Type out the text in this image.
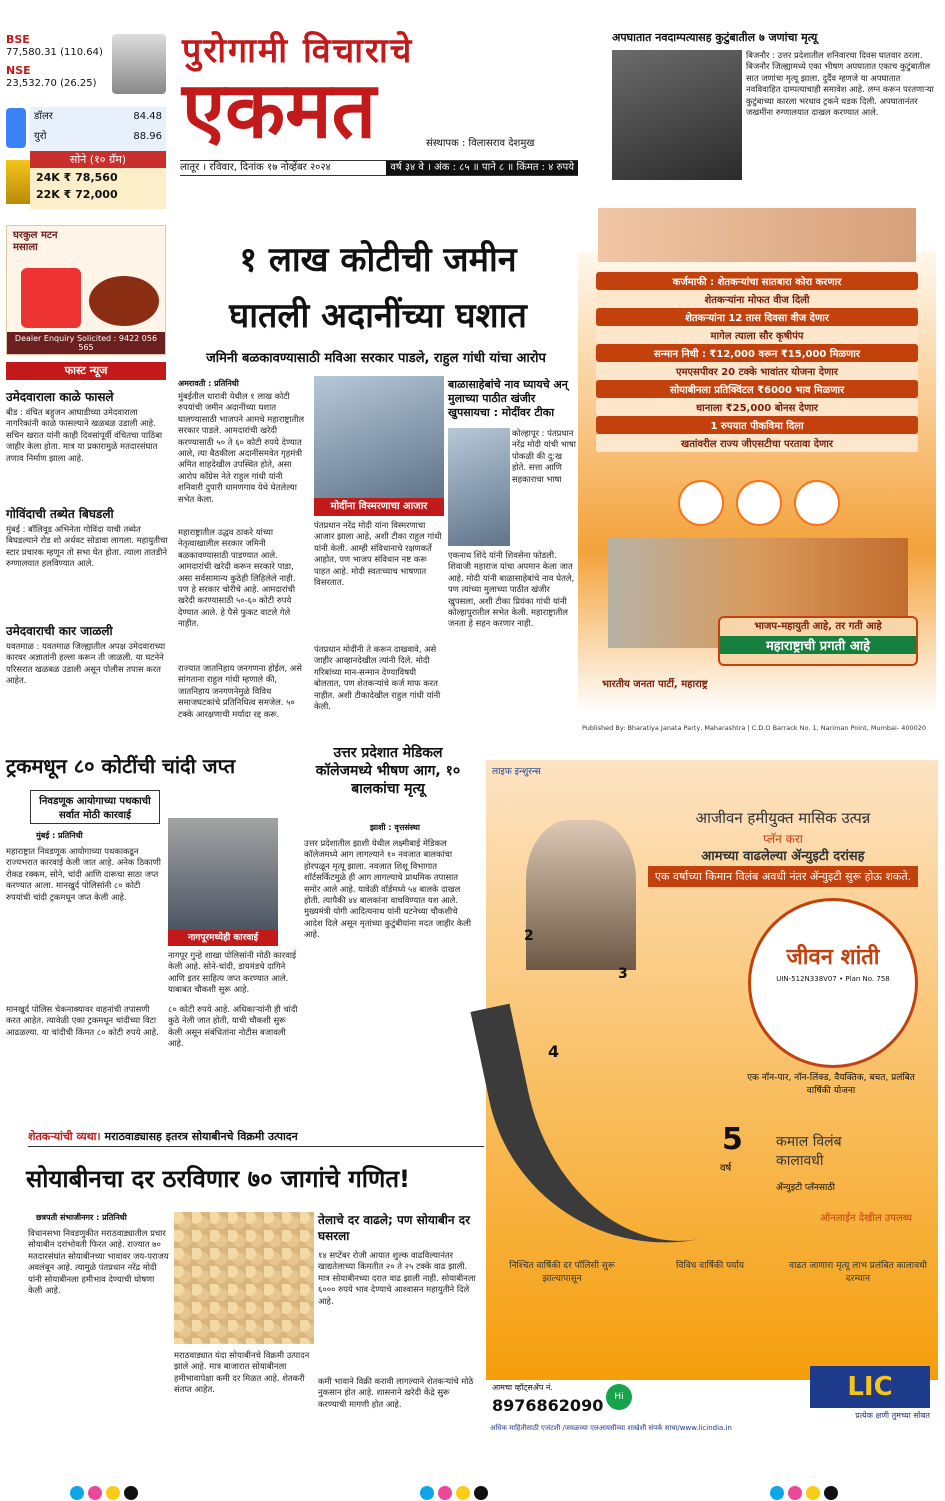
BSE
77,580.31 (110.64)
NSE
23,532.70 (26.25)
डॉलर	84.48
युरो	88.96
सोने (१० ग्रॅम)
24K ₹ 78,560
22K ₹ 72,000
घरकुल मटन मसाला
Dealer Enquiry Solicited : 9422 056 565
पुरोगामी विचाराचे
एकमत	संस्थापक : विलासराव देशमुख
लातूर । रविवार, दिनांक १७ नोव्हेंबर २०२४	वर्ष ३४ वे । अंक : ८५ ॥ पाने ८ ॥ किंमत : ४ रुपये
अपघातात नवदाम्पत्यासह कुटुंबातील ७ जणांचा मृत्यू
बिजनौर : उत्तर प्रदेशातील शनिवारचा दिवस घातवार ठरला. बिजनौर जिल्ह्यामध्ये एका भीषण अपघातात एकाच कुटुंबातील सात जणांचा मृत्यू झाला. दुर्दैव म्हणजे या अपघातात नवविवाहित दाम्पत्याचाही समावेश आहे. लग्न करून परतणाऱ्या कुटुंबाच्या कारला भरधाव ट्रकने धडक दिली. अपघातानंतर जखमींना रुग्णालयात दाखल करण्यात आले.
१ लाख कोटीची जमीन
घातली अदानींच्या घशात
जमिनी बळकावण्यासाठी मविआ सरकार पाडले, राहुल गांधी यांचा आरोप
अमरावती : प्रतिनिधी
मुंबईतील धारावी येथील १ लाख कोटी रुपयांची जमीन अदानींच्या घशात घालण्यासाठी भाजपने आमचे महाराष्ट्रातील सरकार पाडले. आमदारांची खरेदी करण्यासाठी ५० ते ६० कोटी रुपये देण्यात आले, त्या बैठकीला अदानींसमवेत गृहमंत्री अमित शाहदेखील उपस्थित होते, असा आरोप काँग्रेस नेते राहुल गांधी यांनी शनिवारी दुपारी धामणगाव येथे घेतलेल्या सभेत केला.
महाराष्ट्रातील उद्धव ठाकरे यांच्या नेतृत्वाखालील सरकार जमिनी बळकावण्यासाठी पाडण्यात आले. आमदारांची खरेदी करून सरकारे पाडा, असा सर्वसामान्य कुठेही लिहिलेले नाही. पण हे सरकार चोरीचे आहे. आमदारांची खरेदी करण्यासाठी ५०-६० कोटी रुपये देण्यात आले. हे पैसे फुकट वाटले गेले नाहीत.
राज्यात जातनिहाय जनगणना होईल, असे सांगताना राहुल गांधी म्हणाले की, जातनिहाय जनगणनेमुळे विविध समाजघटकांचे प्रतिनिधित्व समजेल. ५० टक्के आरक्षणाची मर्यादा रद्द करू.
मोदींना विस्मरणाचा आजार
पंतप्रधान नरेंद्र मोदी यांना विस्मरणाचा आजार झाला आहे, अशी टीका राहुल गांधी यांनी केली. आम्ही संविधानाचे रक्षणकर्ते आहोत, पण भाजप संविधान नष्ट करू पाहत आहे. मोदी स्वतःच्याच भाषणात विसरतात.
पंतप्रधान मोदींनी ते करून दाखवावे, असे जाहीर आव्हानदेखील त्यांनी दिले. मोदी गरिबांच्या मान-सन्मान देण्याविषयी बोलतात, पण शेतकऱ्यांचे कर्ज माफ करत नाहीत. अशी टीकादेखील राहुल गांधी यांनी केली.
बाळासाहेबांचे नाव घ्यायचे अन् मुलाच्या पाठीत खंजीर खुपसायचा : मोदींवर टीका
कोल्हापूर : पंतप्रधान नरेंद्र मोदी यांची भाषा पोकळी की दु:ख होते. सत्ता आणि सहकाराचा भाषा
एकनाथ शिंदे यांनी शिवसेना फोडली. शिवाजी महाराज यांचा अपमान केला जात आहे. मोदी यांनी बाळासाहेबांचे नाव घेतले, पण त्यांच्या मुलाच्या पाठीत खंजीर खुपसला, अशी टीका प्रियंका गांधी यांनी कोल्हापुरातील सभेत केली. महाराष्ट्रातील जनता हे सहन करणार नाही.
फास्ट न्यूज
उमेदवाराला काळे फासले
बीड : वंचित बहुजन आघाडीच्या उमेदवाराला नागरिकांनी काळे फासल्याने खळबळ उडाली आहे. सचिन खरात यांनी काही दिवसांपूर्वी वंचितचा पाठिंबा जाहीर केला होता. मात्र या प्रकारामुळे मतदारसंघात तणाव निर्माण झाला आहे.
गोविंदाची तब्येत बिघडली
मुंबई : बॉलिवूड अभिनेता गोविंदा याची तब्येत बिघडल्याने रोड शो अर्धवट सोडावा लागला. महायुतीचा स्टार प्रचारक म्हणून तो सभा घेत होता. त्याला तातडीने रुग्णालयात हलविण्यात आले.
उमेदवाराची कार जाळली
यवतमाळ : यवतमाळ जिल्ह्यातील अपक्ष उमेदवाराच्या कारवर अज्ञातांनी हल्ला करून ती जाळली. या घटनेने परिसरात खळबळ उडाली असून पोलीस तपास करत आहेत.
कर्जमाफी : शेतकऱ्यांचा सातबारा कोरा करणार
शेतकऱ्यांना मोफत वीज दिली
शेतकऱ्यांना 12 तास दिवसा वीज देणार
मागेल त्याला सौर कृषीपंप
सन्मान निधी : ₹12,000 वरून ₹15,000 मिळणार
एमएसपीवर 20 टक्के भावांतर योजना देणार
सोयाबीनला प्रतिक्विंटल ₹6000 भाव मिळणार
धानाला ₹25,000 बोनस देणार
1 रुपयात पीकविमा दिला
खतांवरील राज्य जीएसटीचा परतावा देणार
भाजप-महायुती आहे, तर गती आहे
महाराष्ट्राची प्रगती आहे
भारतीय जनता पार्टी, महाराष्ट्र
Published By: Bharatiya Janata Party, Maharashtra | C.D.O Barrack No. 1, Nariman Point, Mumbai- 400020
ट्रकमधून ८० कोटींची चांदी जप्त
निवडणूक आयोगाच्या पथकाची सर्वात मोठी कारवाई
मुंबई : प्रतिनिधी
महाराष्ट्रात निवडणूक आयोगाच्या पथकाकडून राज्यभरात कारवाई केली जात आहे. अनेक ठिकाणी रोकड रक्कम, सोने, चांदी आणि दारूचा साठा जप्त करण्यात आला. मानखुर्द पोलिसांनी ८० कोटी रुपयांची चांदी ट्रकमधून जप्त केली आहे.
मानखुर्द पोलिस चेकनाक्यावर वाहनांची तपासणी करत आहेत. त्यावेळी एका ट्रकमधून चांदीच्या विटा आढळल्या. या चांदीची किंमत ८० कोटी रुपये आहे.
नागपूरमध्येही कारवाई
नागपूर गुन्हे शाखा पोलिसांनी मोठी कारवाई केली आहे. सोने-चांदी, डायमंडचे दागिने आणि इतर साहित्य जप्त करण्यात आले. याबाबत चौकशी सुरू आहे.
८० कोटी रुपये आहे. अधिकाऱ्यांनी ही चांदी कुठे नेली जात होती, याची चौकशी सुरू केली असून संबंधितांना नोटीस बजावली आहे.
उत्तर प्रदेशात मेडिकल कॉलेजमध्ये भीषण आग, १० बालकांचा मृत्यू
झाशी : वृत्तसंस्था
उत्तर प्रदेशातील झाशी येथील लक्ष्मीबाई मेडिकल कॉलेजमध्ये आग लागल्याने १० नवजात बालकांचा होरपळून मृत्यू झाला. नवजात शिशू विभागात शॉर्टसर्किटमुळे ही आग लागल्याचे प्राथमिक तपासात समोर आले आहे. यावेळी वॉर्डमध्ये ५४ बालके दाखल होती. त्यापैकी ४४ बालकांना वाचविण्यात यश आले. मुख्यमंत्री योगी आदित्यनाथ यांनी घटनेच्या चौकशीचे आदेश दिले असून मृतांच्या कुटुंबीयांना मदत जाहीर केली आहे.
लाइफ इन्शुरन्स
आजीवन हमीयुक्त मासिक उत्पन्न
प्लॅन करा
आमच्या वाढलेल्या ॲन्युइटी दरांसह
एक वर्षाच्या किमान विलंब अवधी नंतर ॲन्युइटी सुरू होऊ शकते.
2
3
4
जीवन शांती
UIN-512N338V07 • Plan No. 758
एक नॉन-पार, नॉन-लिंक्ड, वैयक्तिक, बचत, प्रलंबित वार्षिकी योजना
5
वर्ष
कमाल विलंब कालावधी
ॲन्युइटी प्लॅनसाठी
ऑनलाईन देखील उपलब्ध
निश्चित वार्षिकी दर पॉलिसी सुरू झाल्यापासून
विविध वार्षिकी पर्याय	वाढत जाणारा मृत्यू लाभ प्रलंबित कालावधी दरम्यान
आमचा व्हॉट्सॲप नं.
8976862090	Hi	LIC
प्रत्येक क्षणी तुमच्या सोबत
अधिक माहितीसाठी एजंटशी /जवळच्या एलआयसीच्या शाखेशी संपर्क साधा/www.licindia.in
शेतकऱ्यांची व्यथा। मराठवाड्यासह इतरत्र सोयाबीनचे विक्रमी उत्पादन
सोयाबीनचा दर ठरविणार ७० जागांचे गणित!
छत्रपती संभाजीनगर : प्रतिनिधी
विधानसभा निवडणुकीत मराठवाड्यातील प्रचार सोयाबीन दरांभोवती फिरत आहे. राज्यात ७० मतदारसंघांत सोयाबीनच्या भावावर जय-पराजय अवलंबून आहे. त्यामुळे पंतप्रधान नरेंद्र मोदी यांनी सोयाबीनला हमीभाव देण्याची घोषणा केली आहे.
मराठवाड्यात यंदा सोयाबीनचे विक्रमी उत्पादन झाले आहे. मात्र बाजारात सोयाबीनला हमीभावापेक्षा कमी दर मिळत आहे. शेतकरी संतप्त आहेत.
तेलाचे दर वाढले; पण सोयाबीन दर घसरला
१४ सप्टेंबर रोजी आयात शुल्क वाढविल्यानंतर खाद्यतेलाच्या किमतीत २० ते २५ टक्के वाढ झाली. मात्र सोयाबीनच्या दरात वाढ झाली नाही. सोयाबीनला ६००० रुपये भाव देण्याचे आश्वासन महायुतीने दिले आहे.
कमी भावाने विक्री करावी लागल्याने शेतकऱ्यांचे मोठे नुकसान होत आहे. शासनाने खरेदी केंद्रे सुरू करण्याची मागणी होत आहे.
